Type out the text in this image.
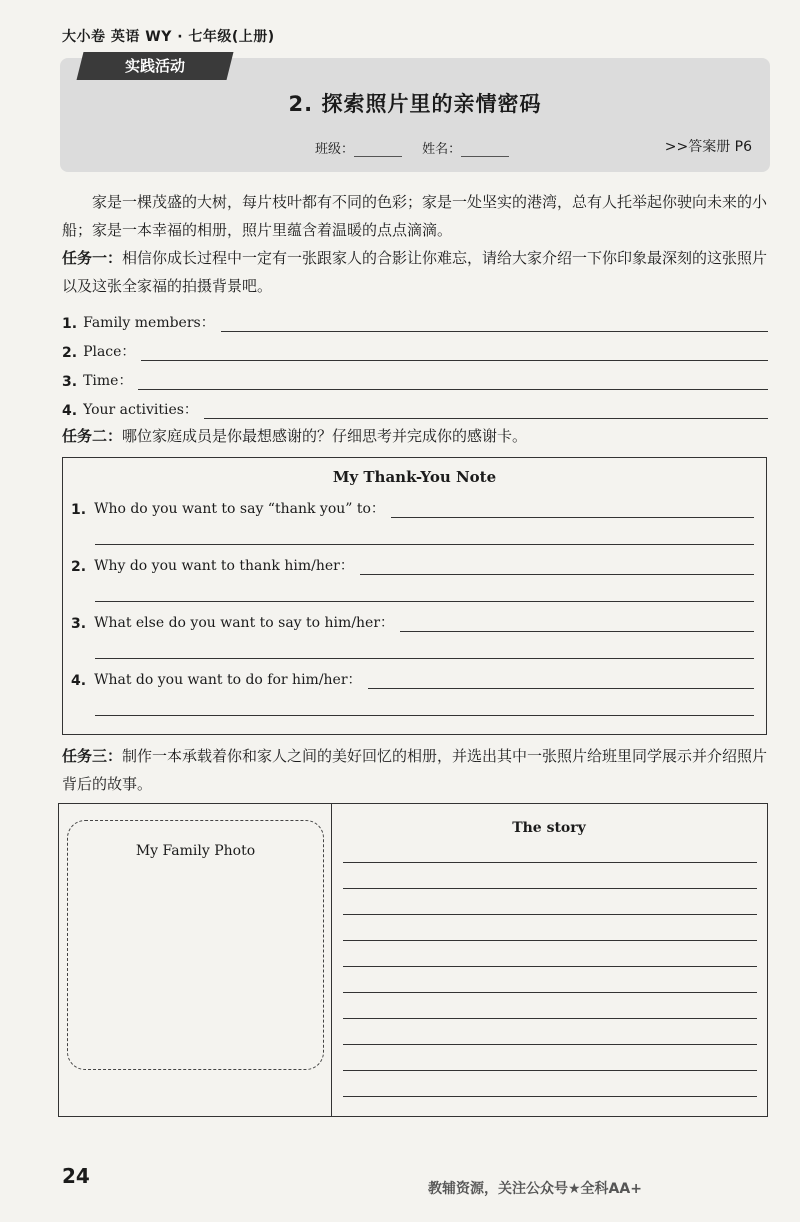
大小卷 英语 WY · 七年级(上册)
实践活动
2. 探索照片里的亲情密码
班级：	姓名：	>>答案册 P6

家是一棵茂盛的大树，每片枝叶都有不同的色彩；家是一处坚实的港湾，总有人托举起你驶向未来的小船；家是一本幸福的相册，照片里蕴含着温暖的点点滴滴。

任务一：相信你成长过程中一定有一张跟家人的合影让你难忘，请给大家介绍一下你印象最深刻的这张照片以及这张全家福的拍摄背景吧。

1. Family members：
2. Place：
3. Time：
4. Your activities：

任务二：哪位家庭成员是你最想感谢的？仔细思考并完成你的感谢卡。

My Thank-You Note
1. Who do you want to say “thank you” to：
2. Why do you want to thank him/her：
3. What else do you want to say to him/her：
4. What do you want to do for him/her：

任务三：制作一本承载着你和家人之间的美好回忆的相册，并选出其中一张照片给班里同学展示并介绍照片背后的故事。

My Family Photo
The story
24
教辅资源，关注公众号★全科AA+
